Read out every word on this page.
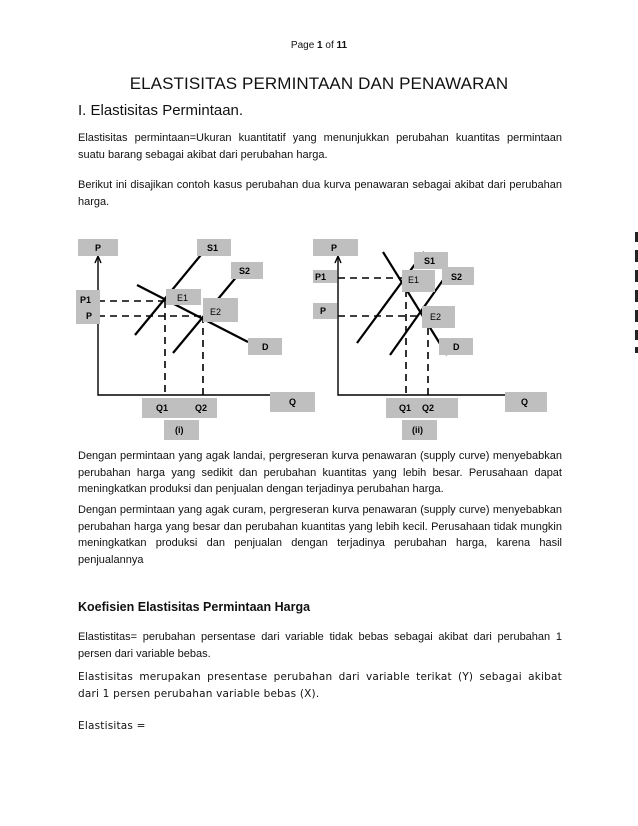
Page 1 of 11
ELASTISITAS PERMINTAAN DAN PENAWARAN
I. Elastisitas Permintaan.

Elastisitas permintaan=Ukuran kuantitatif yang menunjukkan perubahan kuantitas permintaan suatu barang sebagai akibat dari perubahan harga.

Berikut ini disajikan contoh kasus perubahan dua kurva penawaran sebagai akibat dari perubahan harga.

P	S1
S2
P1
P
E1
E2
D
Q
Q1	Q2
(i)
P
S1
S2
P1
P
E1
E2
D
Q
Q1 Q2
(ii)

Dengan permintaan yang agak landai, pergreseran kurva penawaran (supply curve) menyebabkan perubahan harga yang sedikit dan perubahan kuantitas yang lebih besar. Perusahaan dapat meningkatkan produksi dan penjualan dengan terjadinya perubahan harga.

Dengan permintaan yang agak curam, pergreseran kurva penawaran (supply curve) menyebabkan perubahan harga yang besar dan perubahan kuantitas yang lebih kecil. Perusahaan tidak mungkin meningkatkan produksi dan penjualan dengan terjadinya perubahan harga, karena hasil penjualannya

Koefisien Elastisitas Permintaan Harga

Elastistitas= perubahan persentase dari variable tidak bebas sebagai akibat dari perubahan 1 persen dari variable bebas.

Elastisitas merupakan presentase perubahan dari variable terikat (Y) sebagai akibat dari 1 persen perubahan variable bebas (X).

Elastisitas =
